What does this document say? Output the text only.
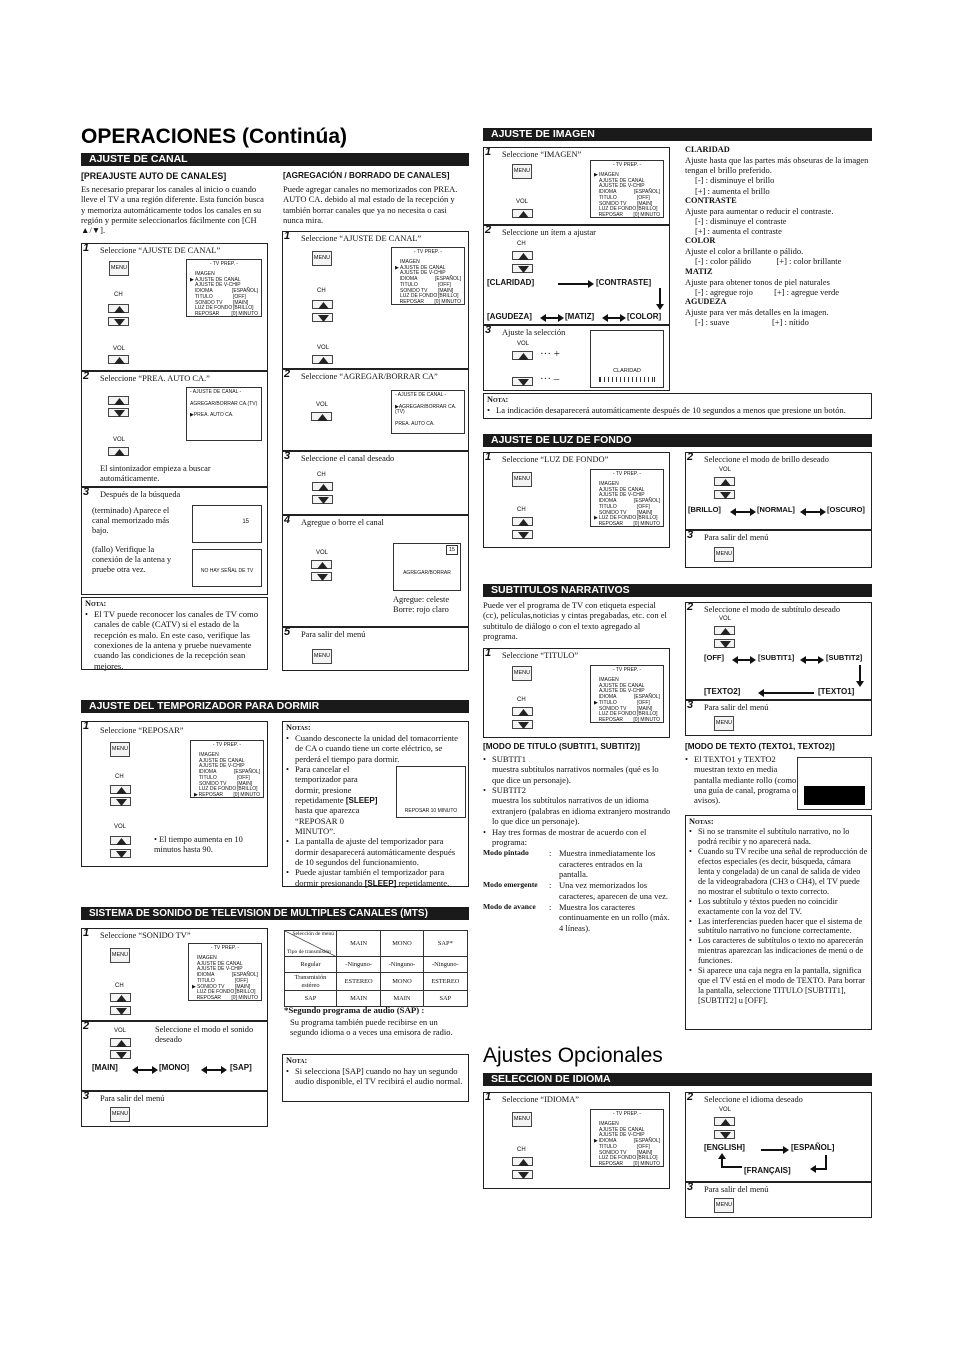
OPERACIONES (Continúa)
AJUSTE DE CANAL
[PREAJUSTE AUTO DE CANALES]
Es necesario preparar los canales al inicio o cuando lleve el TV a una región diferente. Esta función busca y memoriza automáticamente todos los canales en su región y permite seleccionarlos fácilmente con [CH ▲/▼].
[AGREGACIÓN / BORRADO DE CANALES]
Puede agregar canales no memorizados con PREA. AUTO CA. debido al mal estado de la recepción y también borrar canales que ya no necesita o casi nunca mira.
1 Seleccione “AJUSTE DE CANAL”
MENU
CH
VOL
- TV PREP. -
IMAGEN
▶ AJUSTE DE CANAL
AJUSTE DE V-CHIP
IDIOMA	[ESPAÑOL]
TITULO	[OFF]
SONIDO TV	[MAIN]
LUZ DE FONDO [BRILLO]
REPOSAR	[0] MINUTO
2 Seleccione “PREA. AUTO CA.”
VOL
- AJUSTE DE CANAL -

AGREGAR/BORRAR CA.(TV)

▶PREA. AUTO CA.
El sintonizador empieza a buscar automáticamente.
3 Después de la búsqueda
(terminado) Aparece el canal memorizado más bajo.
15
(fallo) Verifique la conexión de la antena y pruebe otra vez.	NO HAY SEÑAL DE TV
Nota:
• El TV puede reconocer los canales de TV como canales de cable (CATV) si el estado de la recepción es malo. En este caso, verifique las conexiones de la antena y pruebe nuevamente cuando las condiciones de la recepción sean mejores.
1 Seleccione “AJUSTE DE CANAL”
MENU
CH
VOL
- TV PREP. -
IMAGEN
▶ AJUSTE DE CANAL
AJUSTE DE V-CHIP
IDIOMA	[ESPAÑOL]
TITULO	[OFF]
SONIDO TV	[MAIN]
LUZ DE FONDO [BRILLO]
REPOSAR	[0] MINUTO
2 Seleccione “AGREGAR/BORRAR CA”
VOL
- AJUSTE DE CANAL -

▶AGREGAR/BORRAR CA.(TV)

PREA. AUTO CA.
3 Seleccione el canal deseado
CH
4 Agregue o borre el canal
VOL	15
AGREGAR/BORRAR
Agregue: celeste Borre: rojo claro
5 Para salir del menú
MENU
AJUSTE DEL TEMPORIZADOR PARA DORMIR
1 Seleccione “REPOSAR”
MENU
CH
VOL
- TV PREP. -
IMAGEN
AJUSTE DE CANAL
AJUSTE DE V-CHIP
IDIOMA	[ESPAÑOL]
TITULO	[OFF]
SONIDO TV	[MAIN]
LUZ DE FONDO [BRILLO]
▶ REPOSAR	[0] MINUTO
• El tiempo aumenta en 10 minutos hasta 90.
Notas:
• Cuando desconecte la unidad del tomacorriente de CA o cuando tiene un corte eléctrico, se perderá el tiempo para dormir.
• Para cancelar el temporizador para dormir, presione repetidamente [SLEEP] hasta que aparezca “REPOSAR 0 MINUTO”.
• La pantalla de ajuste del temporizador para dormir desaparecerá automáticamente después de 10 segundos del funcionamiento.
• Puede ajustar también el temporizador para dormir presionando [SLEEP] repetidamente.
REPOSAR 10 MINUTO
SISTEMA DE SONIDO DE TELEVISION DE MULTIPLES CANALES (MTS)
1 Seleccione “SONIDO TV”
MENU
CH
- TV PREP. -
IMAGEN
AJUSTE DE CANAL
AJUSTE DE V-CHIP
IDIOMA	[ESPAÑOL]
TITULO	[OFF]
▶ SONIDO TV	[MAIN]
LUZ DE FONDO [BRILLO]
REPOSAR	[0] MINUTO
2	VOL	Seleccione el modo el sonido deseado
[MAIN]	[MONO]	[SAP]
3 Para salir del menú
MENU
Selección de menú
Tipo de transmisión	MAIN	MONO	SAP*
Regular	-Ninguno-	-Ninguno-	-Ninguno-
Transmisión estéreo	ESTEREO	MONO	ESTEREO
SAP	MAIN	MAIN	SAP
*Segundo programa de audio (SAP) :
Su programa también puede recibirse en un segundo idioma o a veces una emisora de radio.
Nota:
• Si selecciona [SAP] cuando no hay un segundo audio disponible, el TV recibirá el audio normal.
AJUSTE DE IMAGEN
1 Seleccione “IMAGEN”
MENU
VOL
- TV PREP. -
▶ IMAGEN
AJUSTE DE CANAL
AJUSTE DE V-CHIP
IDIOMA	[ESPAÑOL]
TITULO	[OFF]
SONIDO TV	[MAIN]
LUZ DE FONDO [BRILLO]
REPOSAR	[0] MINUTO
2 Seleccione un ítem a ajustar
CH
[CLARIDAD]	[CONTRASTE]
[AGUDEZA]	[MATIZ]	[COLOR]
3 Ajuste la selección
VOL
··· +
··· –
CLARIDAD
Nota:
• La indicación desaparecerá automáticamente después de 10 segundos a menos que presione un botón.
CLARIDAD
Ajuste hasta que las partes más obseuras de la imagen tengan el brillo preferido.
[-] : disminuye el brillo
[+] : aumenta el brillo
CONTRASTE
Ajuste para aumentar o reducir el contraste.
[-] : disminuye el contraste
[+] : aumenta el contraste
COLOR
Ajuste el color a brillante o pálido.
[-] : color pálido            [+] : color brillante
MATIZ
Ajuste para obtener tonos de piel naturales
[-] : agregue rojo          [+] : agregue verde
AGUDEZA
Ajuste para ver más detalles en la imagen.
[-] : suave                    [+] : nítido
AJUSTE DE LUZ DE FONDO
1 Seleccione “LUZ DE FONDO”
MENU
CH
- TV PREP. -
IMAGEN
AJUSTE DE CANAL
AJUSTE DE V-CHIP
IDIOMA	[ESPAÑOL]
TITULO	[OFF]
SONIDO TV	[MAIN]
▶ LUZ DE FONDO [BRILLO]
REPOSAR	[0] MINUTO
2 Seleccione el modo de brillo deseado
VOL
[BRILLO]	[NORMAL]	[OSCURO]
3 Para salir del menú
MENU
SUBTITULOS NARRATIVOS
Puede ver el programa de TV con etiqueta especial (cc), películas,noticias y cintas pregabadas, etc. con el subtitulo de diálogo o con el texto agregado al programa.
1 Seleccione “TITULO”
MENU
CH
- TV PREP. -
IMAGEN
AJUSTE DE CANAL
AJUSTE DE V-CHIP
IDIOMA	[ESPAÑOL]
▶ TITULO	[OFF]
SONIDO TV	[MAIN]
LUZ DE FONDO [BRILLO]
REPOSAR	[0] MINUTO
2 Seleccione el modo de subtítulo deseado
VOL
[OFF]	[SUBTIT1]	[SUBTIT2]
[TEXTO2]	[TEXTO1]
3 Para salir del menú
MENU
[MODO DE TITULO (SUBTIT1, SUBTIT2)]
• SUBTIT1
muestra subtítulos narrativos normales (qué es lo que dice un personaje).
• SUBTIT2
muestra los subtítulos narrativos de un idioma extranjero (palabras en idioma extranjero mostrando lo que dice un personaje).
• Hay tres formas de mostrar de acuerdo con el programa:
Modo pintado	: Muestra inmediatamente los caracteres entrados en la pantalla.
Modo emergente	: Una vez memorizados los caracteres, aparecen de una vez.
Modo de avance	: Muestra los caracteres continuamente en un rollo (máx. 4 líneas).
[MODO DE TEXTO (TEXTO1, TEXTO2)]
• El TEXTO1 y TEXTO2 muestran texto en media pantalla mediante rollo (como una guía de canal, programa o avisos).
Notas:
• Si no se transmite el subtítulo narrativo, no lo podrá recibir y no aparecerá nada.
• Cuando su TV recibe una señal de reproducción de efectos especiales (es decir, búsqueda, cámara lenta y congelada) de un canal de salida de video de la videograbadora (CH3 o CH4), el TV puede no mostrar el subtítulo o texto correcto.
• Los subtítulo y téxtos pueden no coincidir exactamente con la voz del TV.
• Las interferencias pueden hacer que el sistema de subtítulo narrativo no funcione correctamente.
• Los caracteres de subtítulos o texto no aparecerán mientras aparezcan las indicaciones de menú o de funciones.
• Si aparece una caja negra en la pantalla, significa que el TV está en el modo de TEXTO. Para borrar la pantalla, seleccione TITULO [SUBTIT1], [SUBTIT2] u [OFF].
Ajustes Opcionales
SELECCION DE IDIOMA
1 Seleccione “IDIOMA”
MENU
CH
- TV PREP. -
IMAGEN
AJUSTE DE CANAL
AJUSTE DE V-CHIP
▶ IDIOMA	[ESPAÑOL]
TITULO	[OFF]
SONIDO TV	[MAIN]
LUZ DE FONDO [BRILLO]
REPOSAR	[0] MINUTO
2 Seleccione el idioma deseado
VOL
[ENGLISH]	[ESPAÑOL]
[FRANÇAIS]
3 Para salir del menú
MENU
